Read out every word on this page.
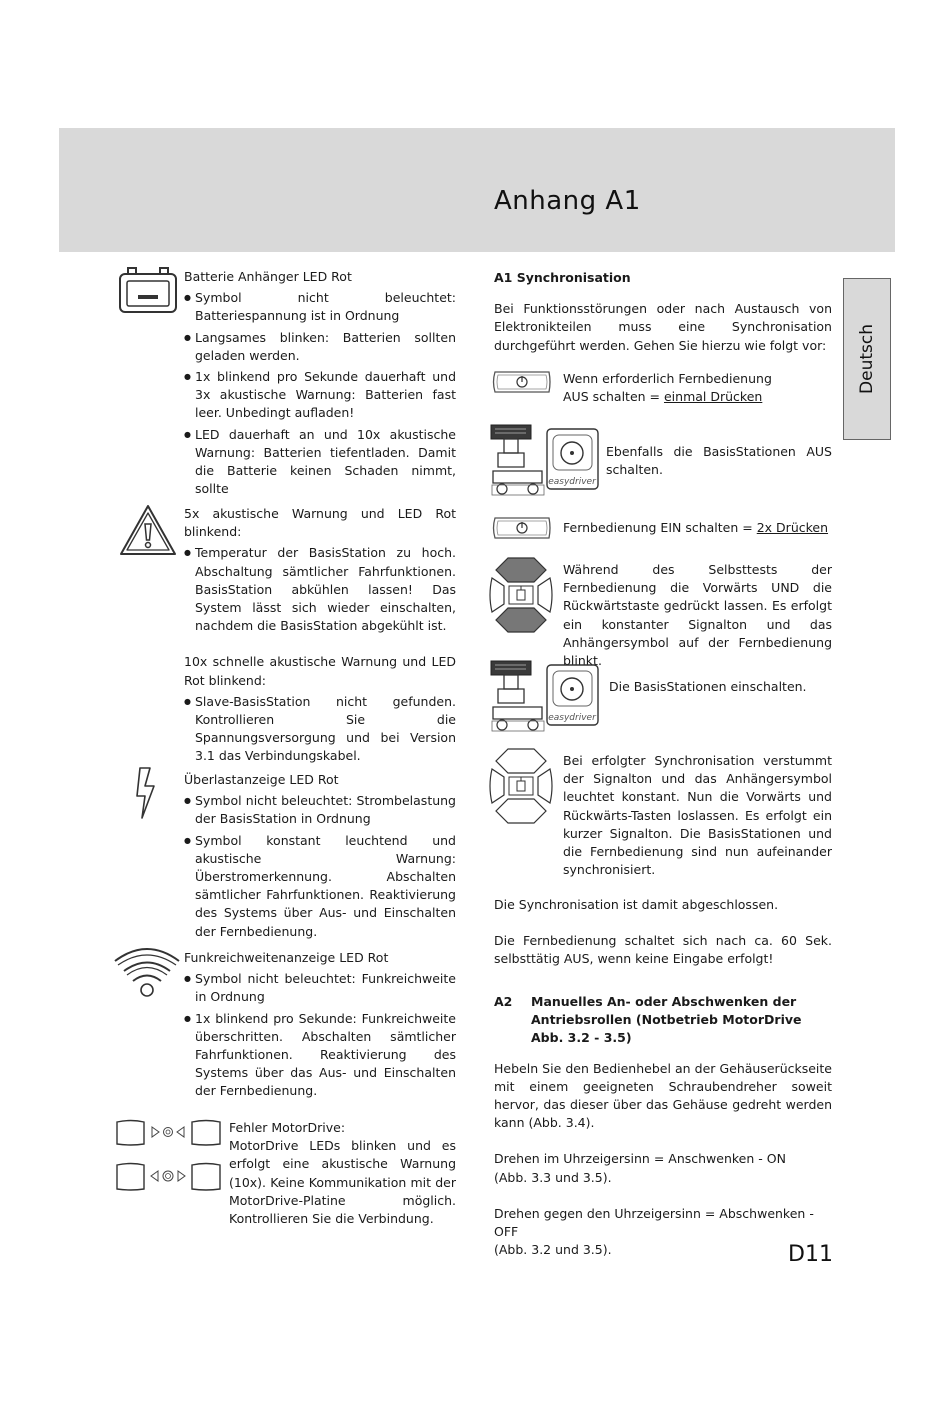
Anhang A1
Deutsch

Batterie Anhänger LED Rot

● Symbol nicht beleuchtet: Batteriespannung ist in Ordnung

● Langsames blinken: Batterien sollten geladen werden.

● 1x blinkend pro Sekunde dauerhaft und 3x akustische Warnung: Batterien fast leer. Unbedingt aufladen!

● LED dauerhaft an und 10x akustische Warnung: Batterien tiefentladen. Damit die Batterie keinen Schaden nimmt, sollte

5x akustische Warnung und LED Rot blinkend:

● Temperatur der BasisStation zu hoch. Abschaltung sämtlicher Fahrfunktionen. BasisStation abkühlen lassen! Das System lässt sich wieder einschalten, nachdem die BasisStation abgekühlt ist.

10x schnelle akustische Warnung und LED Rot blinkend:

● Slave-BasisStation nicht gefunden. Kontrollieren Sie die Spannungsversorgung und bei Version 3.1 das Verbindungskabel.

Überlastanzeige LED Rot

● Symbol nicht beleuchtet: Strombelastung der BasisStation in Ordnung

● Symbol konstant leuchtend und akustische Warnung: Überstromerkennung. Abschalten sämtlicher Fahrfunktionen. Reaktivierung des Systems über Aus- und Einschalten der Fernbedienung.

Funkreichweitenanzeige LED Rot

● Symbol nicht beleuchtet: Funkreichweite in Ordnung

● 1x blinkend pro Sekunde: Funkreichweite überschritten. Abschalten sämtlicher Fahrfunktionen. Reaktivierung des Systems über das Aus- und Einschalten der Fernbedienung.

Fehler MotorDrive:

MotorDrive LEDs blinken und es erfolgt eine akustische Warnung (10x). Keine Kommunikation mit der MotorDrive-Platine möglich. Kontrollieren Sie die Verbindung.

A1 Synchronisation

Bei Funktionsstörungen oder nach Austausch von Elektronikteilen muss eine Synchronisation durchgeführt werden. Gehen Sie hierzu wie folgt vor:

Wenn erforderlich Fernbedienung

AUS schalten = einmal Drücken

easydriver

Ebenfalls die BasisStationen AUS schalten.

Fernbedienung EIN schalten = 2x Drücken

Während des Selbsttests der Fernbedienung die Vorwärts UND die Rückwärtstaste gedrückt lassen. Es erfolgt ein konstanter Signalton und das Anhängersymbol auf der Fernbedienung blinkt.

easydriver

Die BasisStationen einschalten.

Bei erfolgter Synchronisation verstummt der Signalton und das Anhängersymbol leuchtet konstant. Nun die Vorwärts und Rückwärts-Tasten loslassen. Es erfolgt ein kurzer Signalton. Die BasisStationen und die Fernbedienung sind nun aufeinander synchronisiert.

Die Synchronisation ist damit abgeschlossen.

Die Fernbedienung schaltet sich nach ca. 60 Sek. selbsttätig AUS, wenn keine Eingabe erfolgt!

A2 Manuelles An- oder Abschwenken der Antriebsrollen (Notbetrieb MotorDrive Abb. 3.2 - 3.5)

Hebeln Sie den Bedienhebel an der Gehäuserückseite mit einem geeigneten Schraubendreher soweit hervor, das dieser über das Gehäuse gedreht werden kann (Abb. 3.4).

Drehen im Uhrzeigersinn = Anschwenken - ON

(Abb. 3.3 und 3.5).

Drehen gegen den Uhrzeigersinn = Abschwenken - OFF

(Abb. 3.2 und 3.5).	D11
